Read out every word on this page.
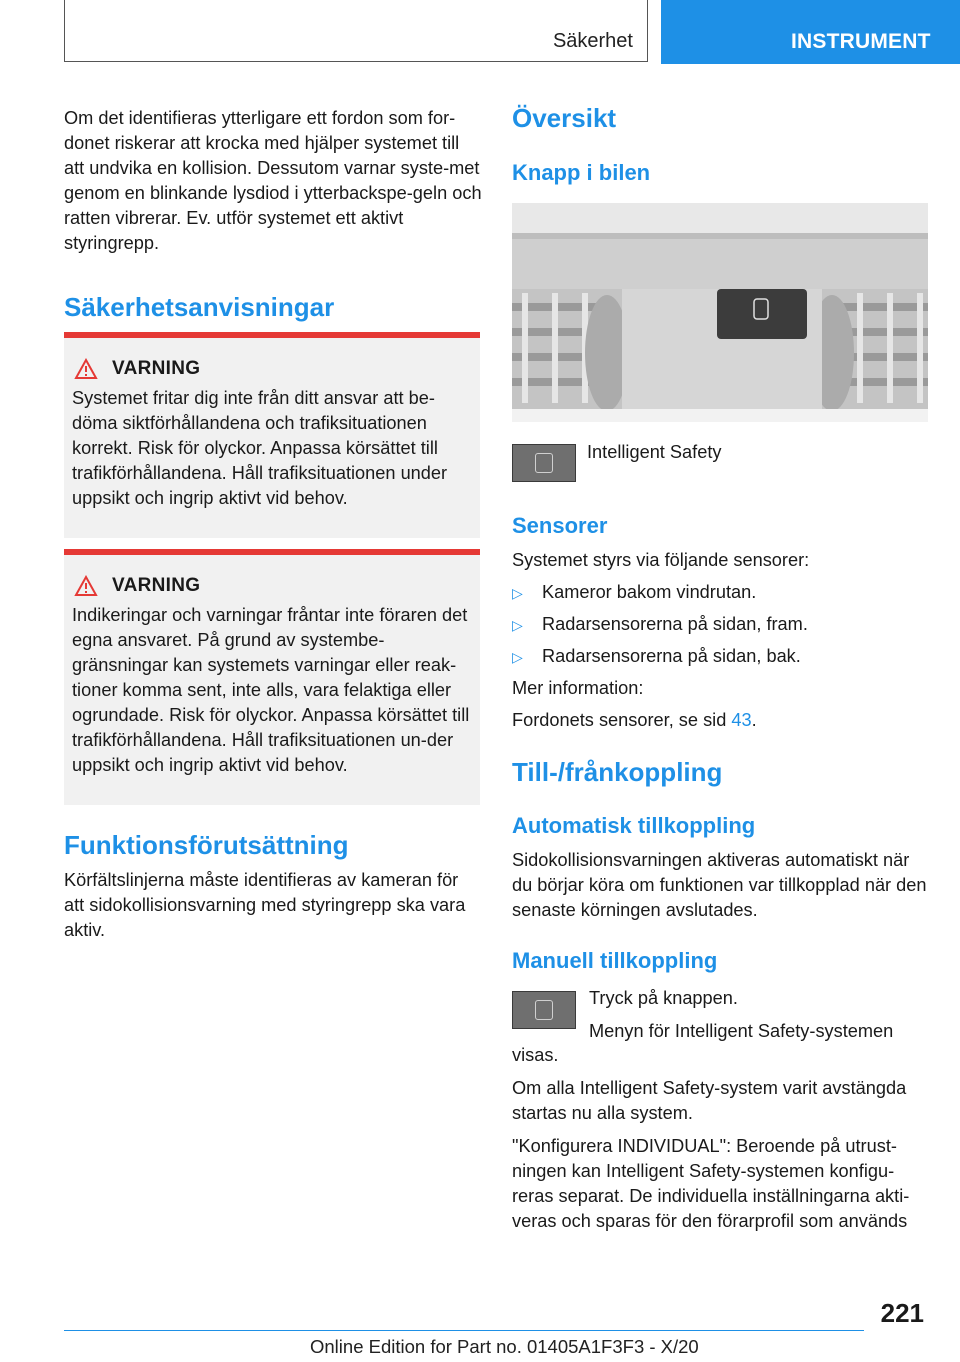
Säkerhet	INSTRUMENT

Om det identifieras ytterligare ett fordon som for-donet riskerar att krocka med hjälper systemet till att undvika en kollision. Dessutom varnar syste-met genom en blinkande lysdiod i ytterbackspe-geln och ratten vibrerar. Ev. utför systemet ett aktivt styringrepp.

Säkerhetsanvisningar
VARNING

Systemet fritar dig inte från ditt ansvar att be-döma siktförhållandena och trafiksituationen korrekt. Risk för olyckor. Anpassa körsättet till trafikförhållandena. Håll trafiksituationen under uppsikt och ingrip aktivt vid behov.

VARNING

Indikeringar och varningar fråntar inte föraren det egna ansvaret. På grund av systembe-gränsningar kan systemets varningar eller reak-tioner komma sent, inte alls, vara felaktiga eller ogrundade. Risk för olyckor. Anpassa körsättet till trafikförhållandena. Håll trafiksituationen un-der uppsikt och ingrip aktivt vid behov.

Funktionsförutsättning

Körfältslinjerna måste identifieras av kameran för att sidokollisionsvarning med styringrepp ska vara aktiv.

Översikt
Knapp i bilen

Intelligent Safety

Sensorer

Systemet styrs via följande sensorer:

▷ Kameror bakom vindrutan.
▷ Radarsensorerna på sidan, fram.
▷ Radarsensorerna på sidan, bak.

Mer information:

Fordonets sensorer, se sid 43.

Till-/frånkoppling
Automatisk tillkoppling

Sidokollisionsvarningen aktiveras automatiskt när du börjar köra om funktionen var tillkopplad när den senaste körningen avslutades.

Manuell tillkoppling

Tryck på knappen.

Menyn för Intelligent Safety-systemen

visas.

Om alla Intelligent Safety-system varit avstängda startas nu alla system.

"Konfigurera INDIVIDUAL": Beroende på utrust-ningen kan Intelligent Safety-systemen konfigu-reras separat. De individuella inställningarna akti-veras och sparas för den förarprofil som används

221
Online Edition for Part no. 01405A1F3F3 - X/20
